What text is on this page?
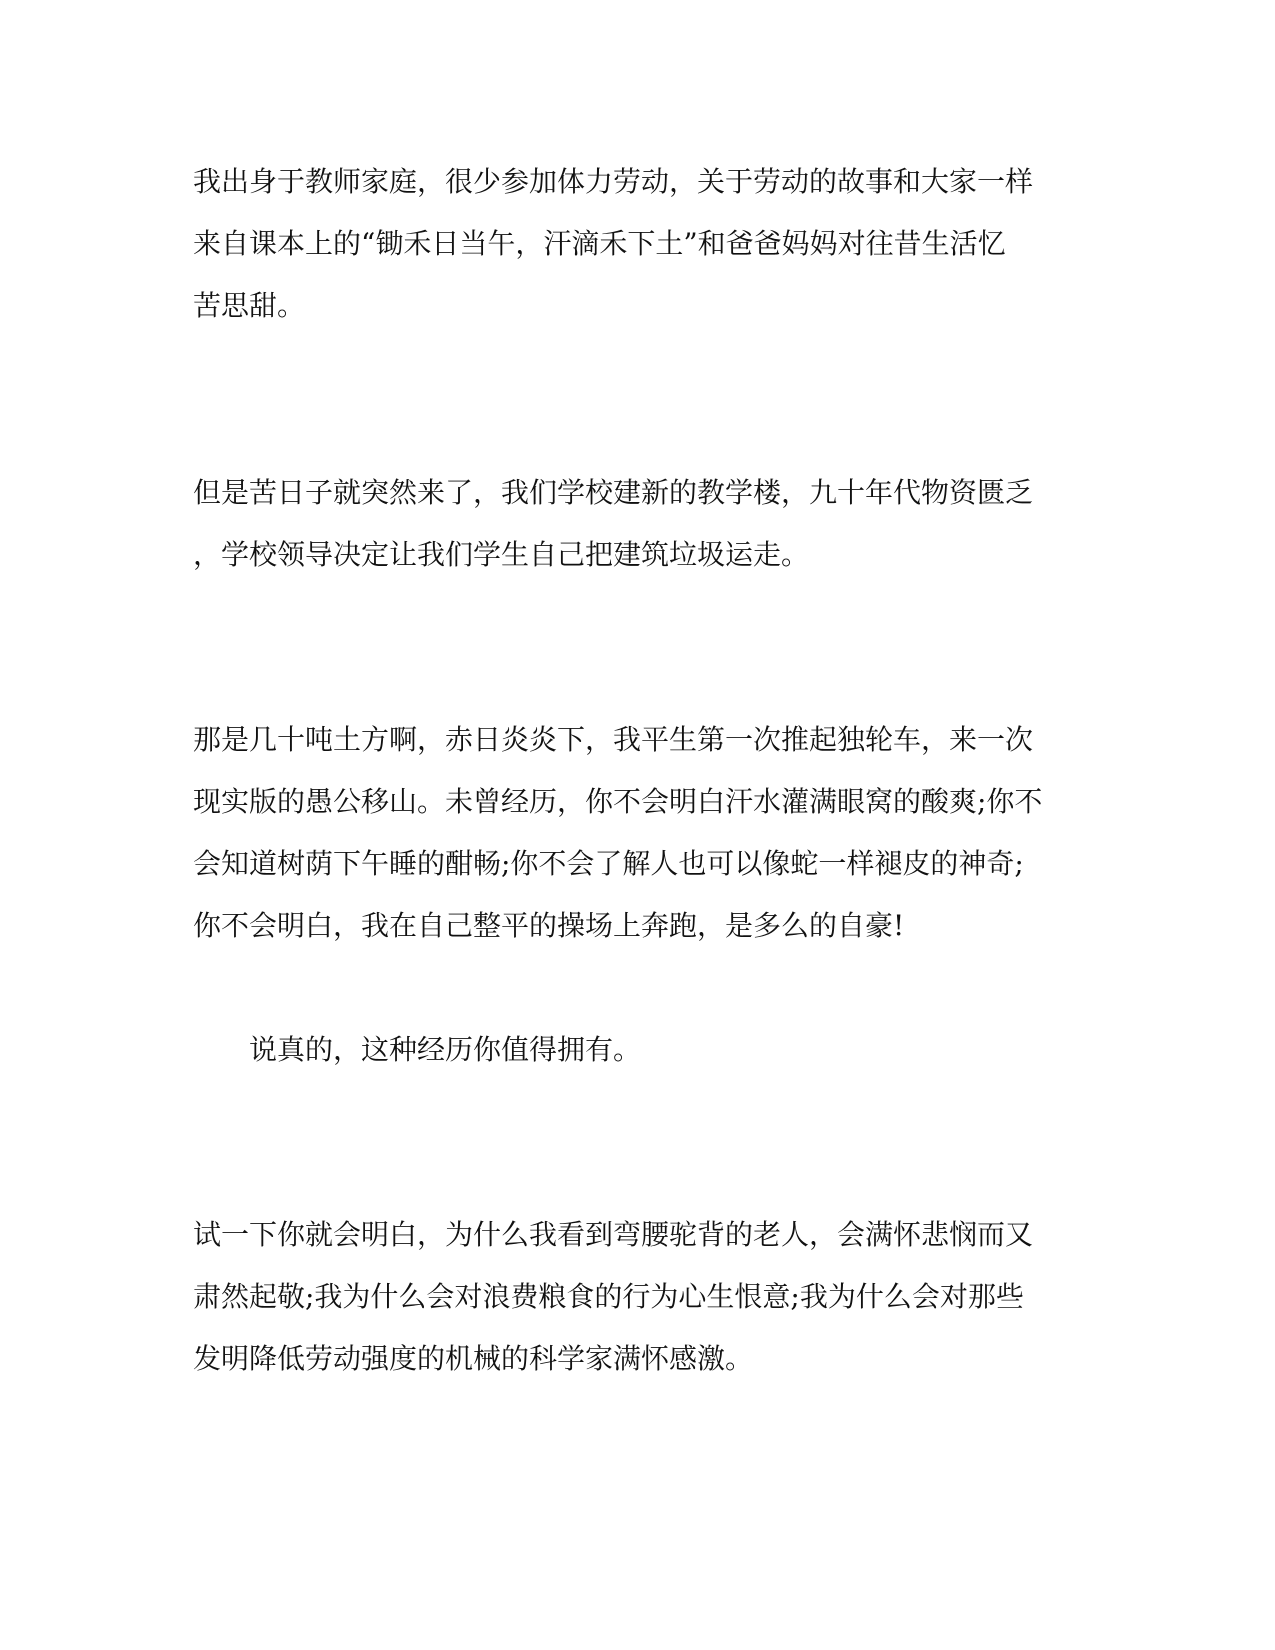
我出身于教师家庭，很少参加体力劳动，关于劳动的故事和大家一样
来自课本上的“锄禾日当午，汗滴禾下土”和爸爸妈妈对往昔生活忆
苦思甜。
但是苦日子就突然来了，我们学校建新的教学楼，九十年代物资匮乏
，学校领导决定让我们学生自己把建筑垃圾运走。
那是几十吨土方啊，赤日炎炎下，我平生第一次推起独轮车，来一次
现实版的愚公移山。未曾经历，你不会明白汗水灌满眼窝的酸爽;你不
会知道树荫下午睡的酣畅;你不会了解人也可以像蛇一样褪皮的神奇;
你不会明白，我在自己整平的操场上奔跑，是多么的自豪!
说真的，这种经历你值得拥有。
试一下你就会明白，为什么我看到弯腰驼背的老人，会满怀悲悯而又
肃然起敬;我为什么会对浪费粮食的行为心生恨意;我为什么会对那些
发明降低劳动强度的机械的科学家满怀感激。
